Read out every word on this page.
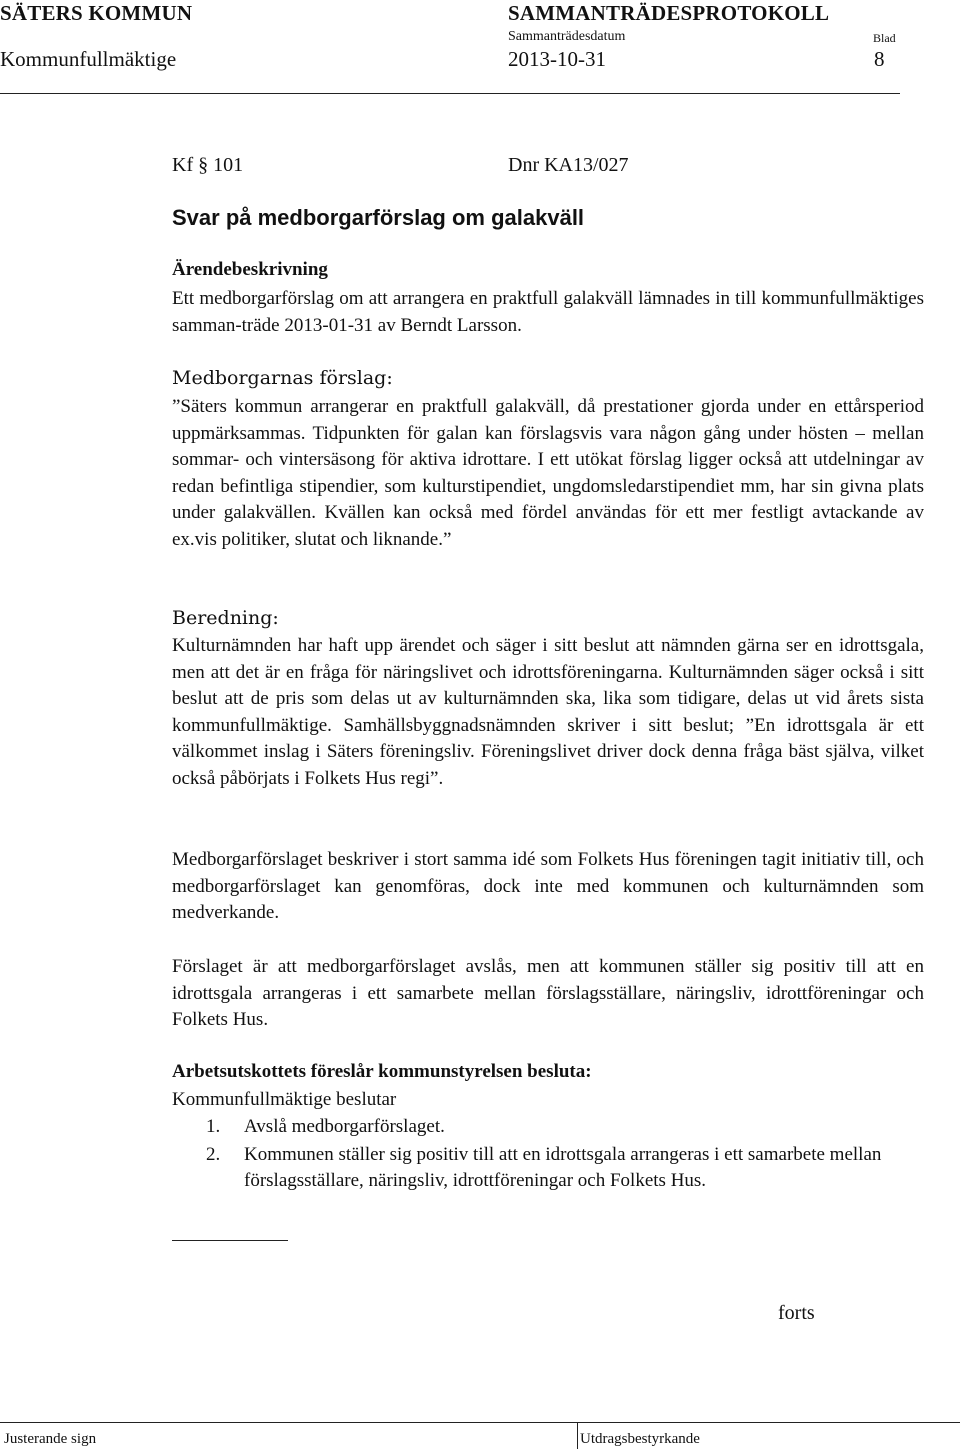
SÄTERS KOMMUN	SAMMANTRÄDESPROTOKOLL
Sammanträdesdatum	Blad
Kommunfullmäktige	2013-10-31	8
Kf § 101	Dnr KA13/027
Svar på medborgarförslag om galakväll
Ärendebeskrivning
Ett medborgarförslag om att arrangera en praktfull galakväll lämnades in till kommunfullmäktiges samman-träde 2013-01-31 av Berndt Larsson.
Medborgarnas förslag:
”Säters kommun arrangerar en praktfull galakväll, då prestationer gjorda under en ettårsperiod uppmärksammas. Tidpunkten för galan kan förslagsvis vara någon gång under hösten – mellan sommar- och vintersäsong för aktiva idrottare. I ett utökat förslag ligger också att utdelningar av redan befintliga stipendier, som kulturstipendiet, ungdomsledarstipendiet mm, har sin givna plats under galakvällen. Kvällen kan också med fördel användas för ett mer festligt avtackande av ex.vis politiker, slutat och liknande.”
Beredning:
Kulturnämnden har haft upp ärendet och säger i sitt beslut att nämnden gärna ser en idrottsgala, men att det är en fråga för näringslivet och idrottsföreningarna. Kulturnämnden säger också i sitt beslut att de pris som delas ut av kulturnämnden ska, lika som tidigare, delas ut vid årets sista kommunfullmäktige. Samhällsbyggnadsnämnden skriver i sitt beslut; ”En idrottsgala är ett välkommet inslag i Säters föreningsliv. Föreningslivet driver dock denna fråga bäst själva, vilket också påbörjats i Folkets Hus regi”.
Medborgarförslaget beskriver i stort samma idé som Folkets Hus föreningen tagit initiativ till, och medborgarförslaget kan genomföras, dock inte med kommunen och kulturnämnden som medverkande.
Förslaget är att medborgarförslaget avslås, men att kommunen ställer sig positiv till att en idrottsgala arrangeras i ett samarbete mellan förslagsställare, näringsliv, idrottföreningar och Folkets Hus.
Arbetsutskottets föreslår kommunstyrelsen besluta:
Kommunfullmäktige beslutar
1. Avslå medborgarförslaget.
2. Kommunen ställer sig positiv till att en idrottsgala arrangeras i ett samarbete mellan förslagsställare, näringsliv, idrottföreningar och Folkets Hus.
forts
Justerande sign	Utdragsbestyrkande
